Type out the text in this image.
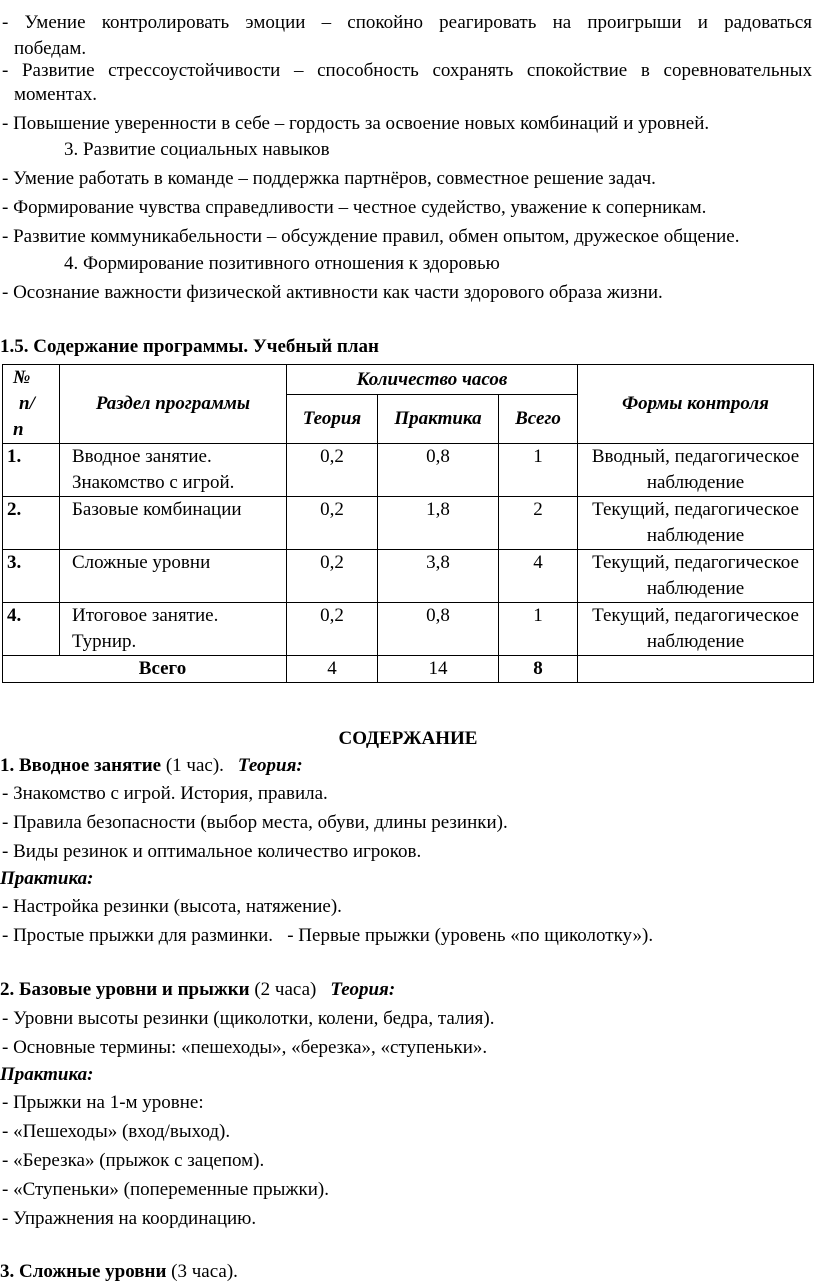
- Умение контролировать эмоции – спокойно реагировать на проигрыши и радоваться
победам.
- Развитие стрессоустойчивости – способность сохранять спокойствие в соревновательных
моментах.
- Повышение уверенности в себе – гордость за освоение новых комбинаций и уровней.
3. Развитие социальных навыков
- Умение работать в команде – поддержка партнёров, совместное решение задач.
- Формирование чувства справедливости – честное судейство, уважение к соперникам.
- Развитие коммуникабельности – обсуждение правил, обмен опытом, дружеское общение.
4. Формирование позитивного отношения к здоровью
- Осознание важности физической активности как части здорового образа жизни.
1.5. Содержание программы. Учебный план
№
п/
п	Раздел программы	Количество часов			Формы контроля
		Теория	Практика	Всего	
1.	Вводное занятие. Знакомство с игрой.	0,2	0,8	1	Вводный, педагогическое наблюдение
2.	Базовые комбинации	0,2	1,8	2	Текущий, педагогическое наблюдение
3.	Сложные уровни	0,2	3,8	4	Текущий, педагогическое наблюдение
4.	Итоговое занятие. Турнир.	0,2	0,8	1	Текущий, педагогическое наблюдение
Всего		4	14	8	
СОДЕРЖАНИЕ
1. Вводное занятие (1 час). Теория:
- Знакомство с игрой. История, правила.
- Правила безопасности (выбор места, обуви, длины резинки).
- Виды резинок и оптимальное количество игроков.
Практика:
- Настройка резинки (высота, натяжение).
- Простые прыжки для разминки.   - Первые прыжки (уровень «по щиколотку»).
2. Базовые уровни и прыжки (2 часа) Теория:
- Уровни высоты резинки (щиколотки, колени, бедра, талия).
- Основные термины: «пешеходы», «березка», «ступеньки».
Практика:
- Прыжки на 1-м уровне:
- «Пешеходы» (вход/выход).
- «Березка» (прыжок с зацепом).
- «Ступеньки» (попеременные прыжки).
- Упражнения на координацию.
3. Сложные уровни (3 часа).
